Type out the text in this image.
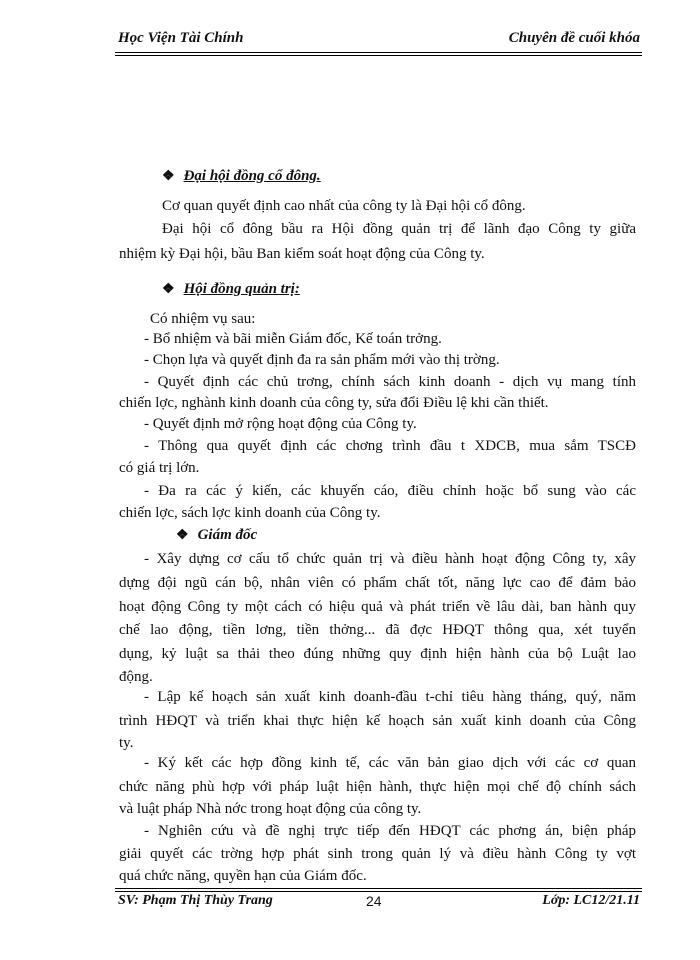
Học Viện Tài Chính	Chuyên đề cuối khóa
❖ Đại hội đồng cổ đông.
Cơ quan quyết định cao nhất của công ty là Đại hội cổ đông.
Đại hội cổ đông bầu ra Hội đồng quản trị để lãnh đạo Công ty giữa
nhiệm kỳ Đại hội, bầu Ban kiểm soát hoạt động của Công ty.
❖ Hội đồng quản trị:
Có nhiệm vụ sau:
- Bổ nhiệm và bãi miễn Giám đốc, Kế toán trởng.
- Chọn lựa và quyết định đa ra sản phẩm mới vào thị trờng.
- Quyết định các chủ trơng, chính sách kinh doanh - dịch vụ mang tính
chiến lợc, nghành kinh doanh của công ty, sửa đổi Điều lệ khi cần thiết.
- Quyết định mở rộng hoạt động của Công ty.
- Thông qua quyết định các chơng trình đầu t XDCB, mua sắm TSCĐ
có giá trị lớn.
- Đa ra các ý kiến, các khuyến cáo, điều chỉnh hoặc bổ sung vào các
chiến lợc, sách lợc kinh doanh của Công ty.
❖ Giám đốc
- Xây dựng cơ cấu tổ chức quản trị và điều hành hoạt động Công ty, xây
dựng đội ngũ cán bộ, nhân viên có phẩm chất tốt, năng lực cao để đảm bảo
hoạt động Công ty một cách có hiệu quả và phát triển về lâu dài, ban hành quy
chế lao động, tiền lơng, tiền thởng... đã đợc HĐQT thông qua, xét tuyển
dụng, kỷ luật sa thải theo đúng những quy định hiện hành của bộ Luật lao
động.
- Lập kế hoạch sản xuất kinh doanh-đầu t-chỉ tiêu hàng tháng, quý, năm
trình HĐQT và triển khai thực hiện kế hoạch sản xuất kinh doanh của Công
ty.
- Ký kết các hợp đồng kinh tế, các văn bản giao dịch với các cơ quan
chức năng phù hợp với pháp luật hiện hành, thực hiện mọi chế độ chính sách
và luật pháp Nhà nớc trong hoạt động của công ty.
- Nghiên cứu và đề nghị trực tiếp đến HĐQT các phơng án, biện pháp
giải quyết các trờng hợp phát sinh trong quản lý và điều hành Công ty vợt
quá chức năng, quyền hạn của Giám đốc.
SV: Phạm Thị Thùy Trang	24	Lớp: LC12/21.11
